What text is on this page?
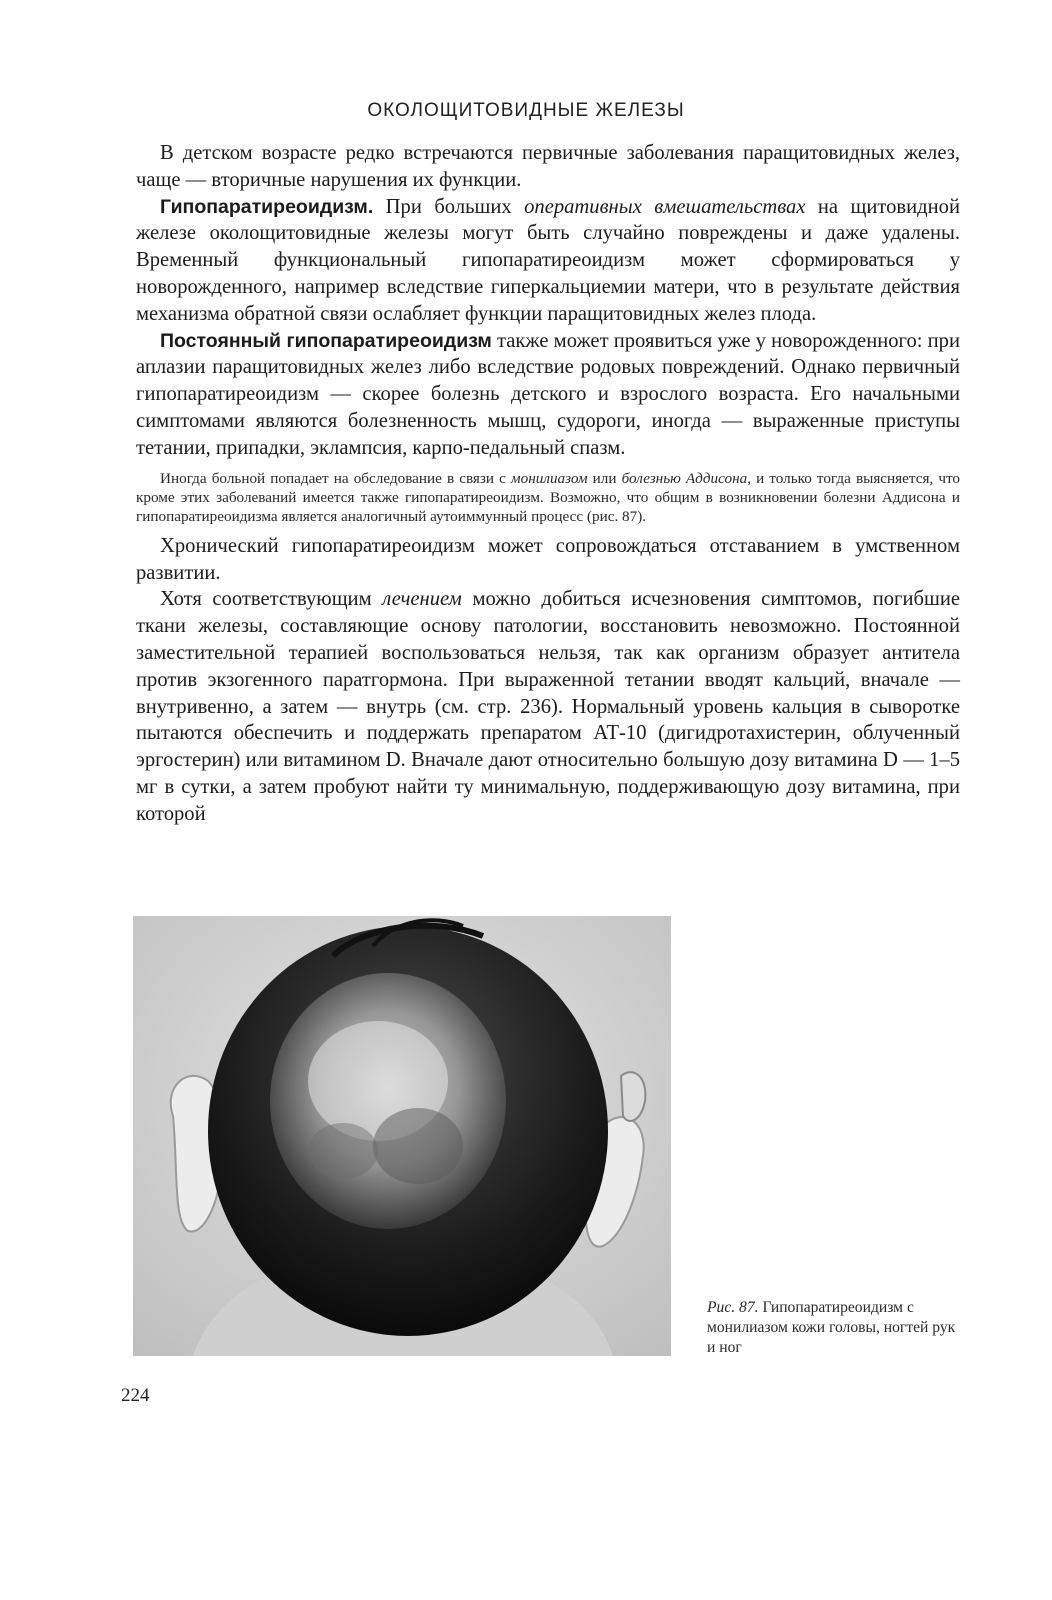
ОКОЛОЩИТОВИДНЫЕ ЖЕЛЕЗЫ

В детском возрасте редко встречаются первичные заболевания паращитовидных желез, чаще — вторичные нарушения их функции.

Гипопаратиреоидизм. При больших оперативных вмешательствах на щитовидной железе околощитовидные железы могут быть случайно повреждены и даже удалены. Временный функциональный гипопаратиреоидизм может сформироваться у новорожденного, например вследствие гиперкальциемии матери, что в результате действия механизма обратной связи ослабляет функции паращитовидных желез плода.

Постоянный гипопаратиреоидизм также может проявиться уже у новорожденного: при аплазии паращитовидных желез либо вследствие родовых повреждений. Однако первичный гипопаратиреоидизм — скорее болезнь детского и взрослого возраста. Его начальными симптомами являются болезненность мышц, судороги, иногда — выраженные приступы тетании, припадки, эклампсия, карпо-педальный спазм.

Иногда больной попадает на обследование в связи с монилиазом или болезнью Аддисона, и только тогда выясняется, что кроме этих заболеваний имеется также гипопаратиреоидизм. Возможно, что общим в возникновении болезни Аддисона и гипопаратиреоидизма является аналогичный аутоиммунный процесс (рис. 87).

Хронический гипопаратиреоидизм может сопровождаться отставанием в умственном развитии.

Хотя соответствующим лечением можно добиться исчезновения симптомов, погибшие ткани железы, составляющие основу патологии, восстановить невозможно. Постоянной заместительной терапией воспользоваться нельзя, так как организм образует антитела против экзогенного паратгормона. При выраженной тетании вводят кальций, вначале — внутривенно, а затем — внутрь (см. стр. 236). Нормальный уровень кальция в сыворотке пытаются обеспечить и поддержать препаратом АТ-10 (дигидротахистерин, облученный эргостерин) или витамином D. Вначале дают относительно большую дозу витамина D — 1–5 мг в сутки, а затем пробуют найти ту минимальную, поддерживающую дозу витамина, при которой

Рис. 87. Гипопаратиреоидизм с монилиазом кожи головы, ногтей рук и ног
224
